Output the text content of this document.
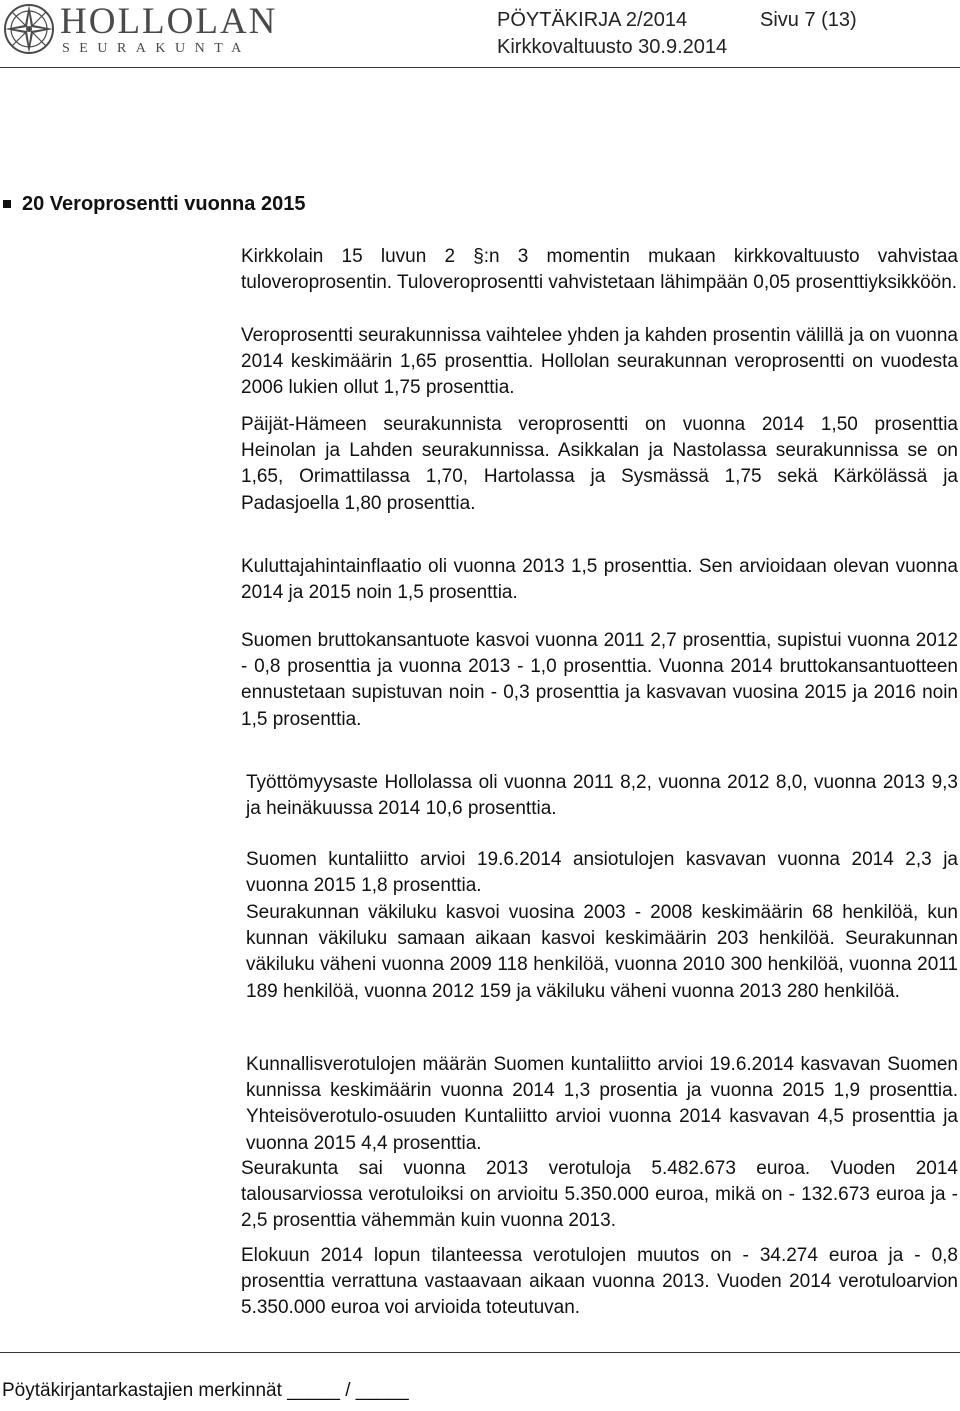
HOLLOLAN
SEURAKUNTA
PÖYTÄKIRJA 2/2014	Sivu 7 (13)
Kirkkovaltuusto 30.9.2014
20 Veroprosentti vuonna 2015

Kirkkolain 15 luvun 2 §:n 3 momentin mukaan kirkkovaltuusto vahvistaa tuloveroprosentin. Tuloveroprosentti vahvistetaan lähimpään 0,05 prosenttiyksikköön.

Veroprosentti seurakunnissa vaihtelee yhden ja kahden prosentin välillä ja on vuonna 2014 keskimäärin 1,65 prosenttia. Hollolan seurakunnan veroprosentti on vuodesta 2006 lukien ollut 1,75 prosenttia.

Päijät-Hämeen seurakunnista veroprosentti on vuonna 2014 1,50 prosenttia Heinolan ja Lahden seurakunnissa. Asikkalan ja Nastolassa seurakunnissa se on 1,65, Orimattilassa 1,70, Hartolassa ja Sysmässä 1,75 sekä Kärkölässä ja Padasjoella 1,80 prosenttia.

Kuluttajahintainflaatio oli vuonna 2013 1,5 prosenttia. Sen arvioidaan olevan vuonna 2014 ja 2015 noin 1,5 prosenttia.

Suomen bruttokansantuote kasvoi vuonna 2011 2,7 prosenttia, supistui vuonna 2012 - 0,8 prosenttia ja vuonna 2013 - 1,0 prosenttia. Vuonna 2014 bruttokansantuotteen ennustetaan supistuvan noin - 0,3 prosenttia ja kasvavan vuosina 2015 ja 2016 noin 1,5 prosenttia.

Työttömyysaste Hollolassa oli vuonna 2011 8,2, vuonna 2012 8,0, vuonna 2013 9,3 ja heinäkuussa 2014 10,6 prosenttia.

Suomen kuntaliitto arvioi 19.6.2014 ansiotulojen kasvavan vuonna 2014 2,3 ja vuonna 2015 1,8 prosenttia.

Seurakunnan väkiluku kasvoi vuosina 2003 - 2008 keskimäärin 68 henkilöä, kun kunnan väkiluku samaan aikaan kasvoi keskimäärin 203 henkilöä. Seurakunnan väkiluku väheni vuonna 2009 118 henkilöä, vuonna 2010 300 henkilöä, vuonna 2011 189 henkilöä, vuonna 2012 159 ja väkiluku väheni vuonna 2013 280 henkilöä.

Kunnallisverotulojen määrän Suomen kuntaliitto arvioi 19.6.2014 kasvavan Suomen kunnissa keskimäärin vuonna 2014 1,3 prosentia ja vuonna 2015 1,9 prosenttia. Yhteisöverotulo-osuuden Kuntaliitto arvioi vuonna 2014 kasvavan 4,5 prosenttia ja vuonna 2015 4,4 prosenttia.

Seurakunta sai vuonna 2013 verotuloja 5.482.673 euroa. Vuoden 2014 talousarviossa verotuloiksi on arvioitu 5.350.000 euroa, mikä on - 132.673 euroa ja - 2,5 prosenttia vähemmän kuin vuonna 2013.

Elokuun 2014 lopun tilanteessa verotulojen muutos on - 34.274 euroa ja - 0,8 prosenttia verrattuna vastaavaan aikaan vuonna 2013. Vuoden 2014 verotuloarvion 5.350.000 euroa voi arvioida toteutuvan.

Pöytäkirjantarkastajien merkinnät _____ / _____
